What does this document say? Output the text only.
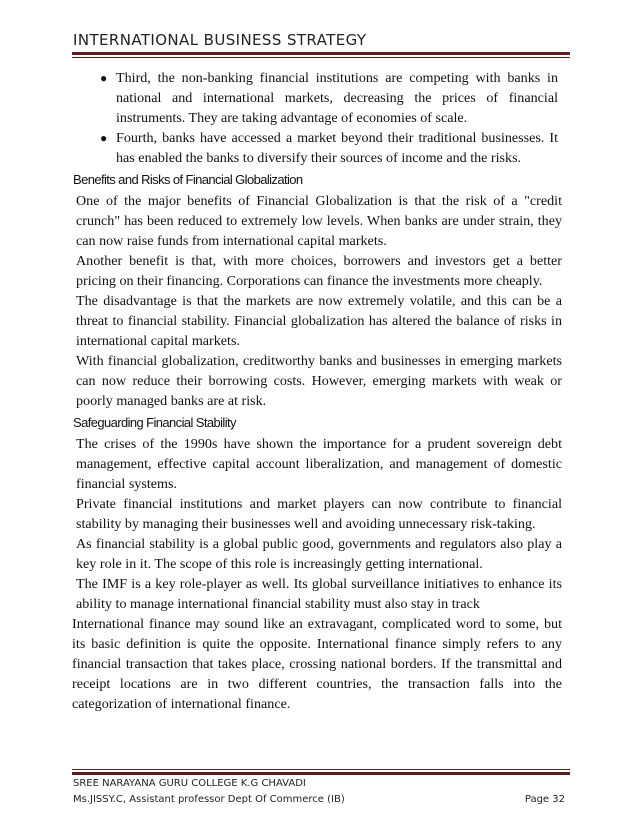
INTERNATIONAL BUSINESS STRATEGY
● Third, the non-banking financial institutions are competing with banks in national and international markets, decreasing the prices of financial instruments. They are taking advantage of economies of scale.
● Fourth, banks have accessed a market beyond their traditional businesses. It has enabled the banks to diversify their sources of income and the risks.
Benefits and Risks of Financial Globalization

One of the major benefits of Financial Globalization is that the risk of a "credit crunch" has been reduced to extremely low levels. When banks are under strain, they can now raise funds from international capital markets.

Another benefit is that, with more choices, borrowers and investors get a better pricing on their financing. Corporations can finance the investments more cheaply.

The disadvantage is that the markets are now extremely volatile, and this can be a threat to financial stability. Financial globalization has altered the balance of risks in international capital markets.

With financial globalization, creditworthy banks and businesses in emerging markets can now reduce their borrowing costs. However, emerging markets with weak or poorly managed banks are at risk.

Safeguarding Financial Stability

The crises of the 1990s have shown the importance for a prudent sovereign debt management, effective capital account liberalization, and management of domestic financial systems.

Private financial institutions and market players can now contribute to financial stability by managing their businesses well and avoiding unnecessary risk-taking.

As financial stability is a global public good, governments and regulators also play a key role in it. The scope of this role is increasingly getting international.

The IMF is a key role-player as well. Its global surveillance initiatives to enhance its ability to manage international financial stability must also stay in track

International finance may sound like an extravagant, complicated word to some, but its basic definition is quite the opposite. International finance simply refers to any financial transaction that takes place, crossing national borders. If the transmittal and receipt locations are in two different countries, the transaction falls into the categorization of international finance.

SREE NARAYANA GURU COLLEGE K.G CHAVADI
Ms.JISSY.C, Assistant professor Dept Of Commerce (IB)	Page 32
